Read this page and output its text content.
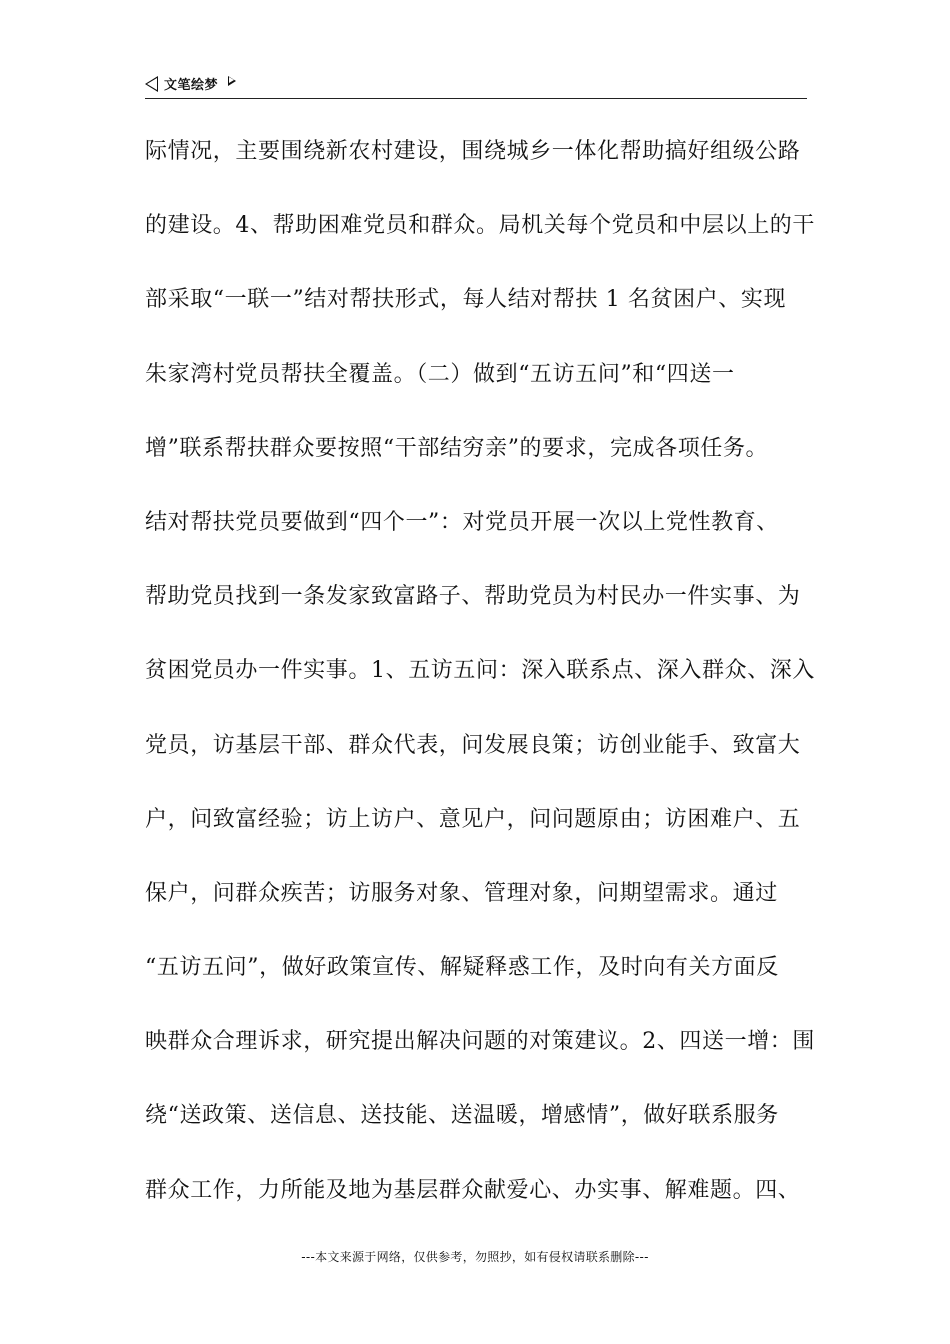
文笔绘梦
际情况，主要围绕新农村建设，围绕城乡一体化帮助搞好组级公路
的建设。4、帮助困难党员和群众。局机关每个党员和中层以上的干
部采取“一联一”结对帮扶形式，每人结对帮扶 1 名贫困户、实现
朱家湾村党员帮扶全覆盖。（二）做到“五访五问”和“四送一
增”联系帮扶群众要按照“干部结穷亲”的要求，完成各项任务。
结对帮扶党员要做到“四个一”：对党员开展一次以上党性教育、
帮助党员找到一条发家致富路子、帮助党员为村民办一件实事、为
贫困党员办一件实事。1、五访五问：深入联系点、深入群众、深入
党员，访基层干部、群众代表，问发展良策；访创业能手、致富大
户，问致富经验；访上访户、意见户，问问题原由；访困难户、五
保户，问群众疾苦；访服务对象、管理对象，问期望需求。通过
“五访五问”，做好政策宣传、解疑释惑工作，及时向有关方面反
映群众合理诉求，研究提出解决问题的对策建议。2、四送一增：围
绕“送政策、送信息、送技能、送温暖，增感情”，做好联系服务
群众工作，力所能及地为基层群众献爱心、办实事、解难题。四、
---本文来源于网络，仅供参考，勿照抄，如有侵权请联系删除---
